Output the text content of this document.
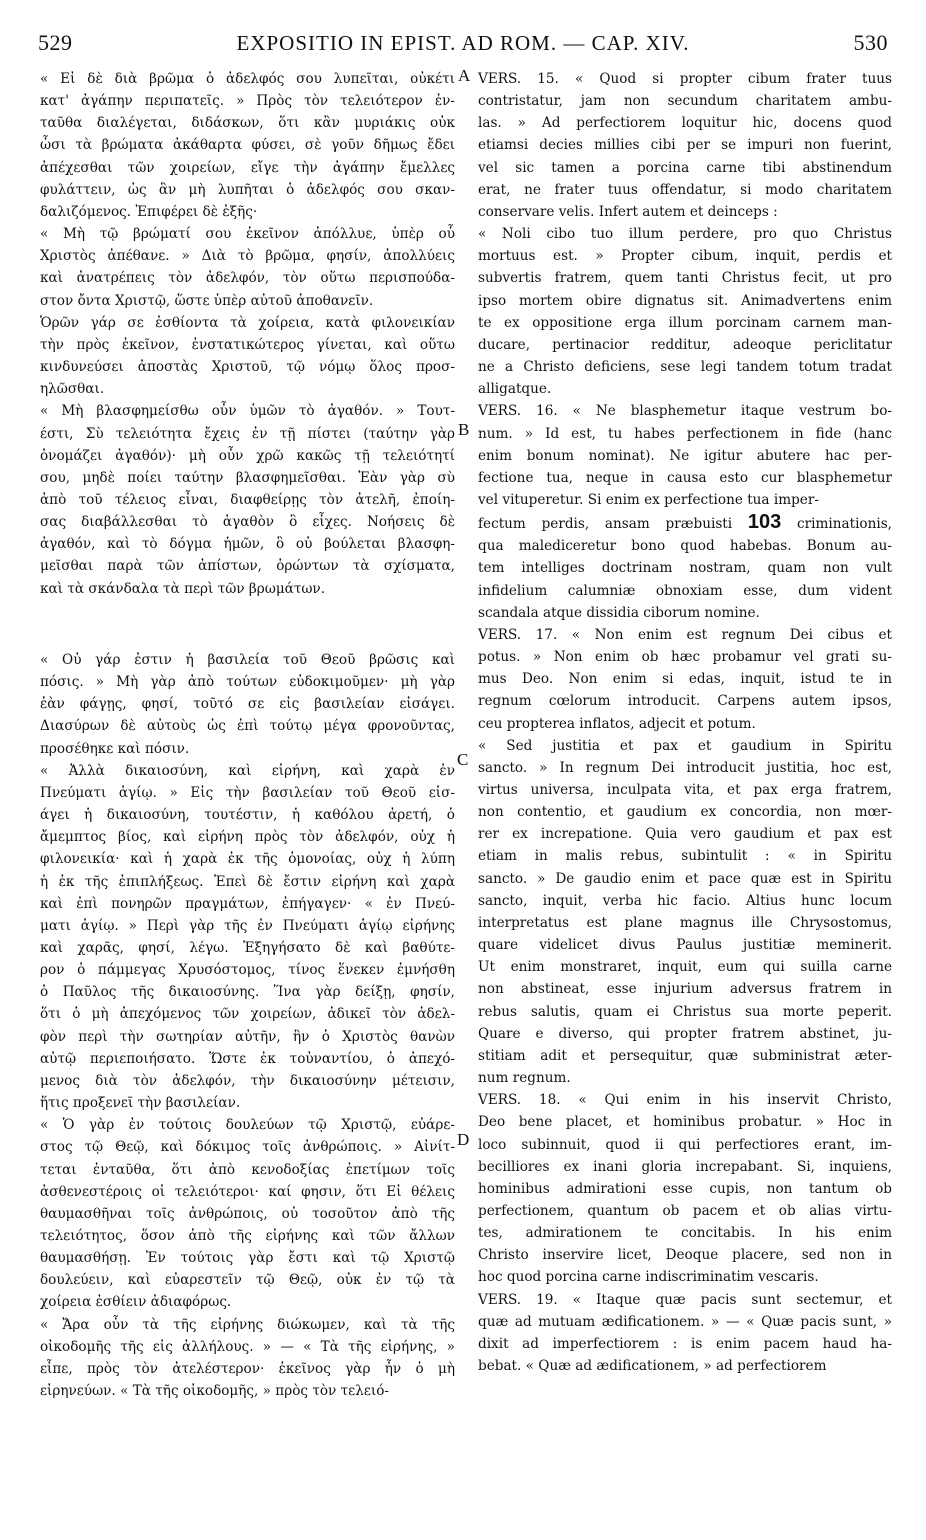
529	EXPOSITIO IN EPIST. AD ROM. — CAP. XIV.	530
A
B
C
D

« Εἰ δὲ διὰ βρῶμα ὁ ἀδελφός σου λυπεῖται, οὐκέτι

κατ' ἀγάπην περιπατεῖς. » Πρὸς τὸν τελειότερον ἐν-

ταῦθα διαλέγεται, διδάσκων, ὅτι κἂν μυριάκις οὐκ

ὦσι τὰ βρώματα ἀκάθαρτα φύσει, σὲ γοῦν δῆμως ἔδει

ἀπέχεσθαι τῶν χοιρείων, εἴγε τὴν ἀγάπην ἔμελλες

φυλάττειν, ὡς ἂν μὴ λυπῆται ὁ ἀδελφός σου σκαν-

δαλιζόμενος. Ἐπιφέρει δὲ ἑξῆς·

« Μὴ τῷ βρώματί σου ἐκεῖνον ἀπόλλυε, ὑπὲρ οὗ

Χριστὸς ἀπέθανε. » Διὰ τὸ βρῶμα, φησίν, ἀπολλύεις

καὶ ἀνατρέπεις τὸν ἀδελφόν, τὸν οὕτω περισπούδα-

στον ὄντα Χριστῷ, ὥστε ὑπὲρ αὐτοῦ ἀποθανεῖν.

Ὁρῶν γάρ σε ἐσθίοντα τὰ χοίρεια, κατὰ φιλονεικίαν

τὴν πρὸς ἐκεῖνον, ἐνστατικώτερος γίνεται, καὶ οὕτω

κινδυνεύσει ἀποστὰς Χριστοῦ, τῷ νόμῳ ὅλος προσ-

ηλῶσθαι.

« Μὴ βλασφημείσθω οὖν ὑμῶν τὸ ἀγαθόν. » Τουτ-

έστι, Σὺ τελειότητα ἔχεις ἐν τῇ πίστει (ταύτην γὰρ

ὀνομάζει ἀγαθόν)· μὴ οὖν χρῶ κακῶς τῇ τελειότητί

σου, μηδὲ ποίει ταύτην βλασφημεῖσθαι. Ἐὰν γὰρ σὺ

ἀπὸ τοῦ τέλειος εἶναι, διαφθείρῃς τὸν ἀτελῆ, ἐποίη-

σας διαβάλλεσθαι τὸ ἀγαθὸν ὃ εἶχες. Νοήσεις δὲ

ἀγαθόν, καὶ τὸ δόγμα ἡμῶν, ὃ οὐ βούλεται βλασφη-

μεῖσθαι παρὰ τῶν ἀπίστων, ὁρώντων τὰ σχίσματα,

καὶ τὰ σκάνδαλα τὰ περὶ τῶν βρωμάτων.

« Οὐ γάρ ἐστιν ἡ βασιλεία τοῦ Θεοῦ βρῶσις καὶ

πόσις. » Μὴ γὰρ ἀπὸ τούτων εὐδοκιμοῦμεν· μὴ γὰρ

ἐὰν φάγῃς, φησί, τοῦτό σε εἰς βασιλείαν εἰσάγει.

Διασύρων δὲ αὐτοὺς ὡς ἐπὶ τούτῳ μέγα φρονοῦντας,

προσέθηκε καὶ πόσιν.

« Ἀλλὰ δικαιοσύνη, καὶ εἰρήνη, καὶ χαρὰ ἐν

Πνεύματι ἁγίῳ. » Εἰς τὴν βασιλείαν τοῦ Θεοῦ εἰσ-

άγει ἡ δικαιοσύνη, τουτέστιν, ἡ καθόλου ἀρετή, ὁ

ἄμεμπτος βίος, καὶ εἰρήνη πρὸς τὸν ἀδελφόν, οὐχ ἡ

φιλονεικία· καὶ ἡ χαρὰ ἐκ τῆς ὁμονοίας, οὐχ ἡ λύπη

ἡ ἐκ τῆς ἐπιπλήξεως. Ἐπεὶ δὲ ἔστιν εἰρήνη καὶ χαρὰ

καὶ ἐπὶ πονηρῶν πραγμάτων, ἐπήγαγεν· « ἐν Πνεύ-

ματι ἁγίῳ. » Περὶ γὰρ τῆς ἐν Πνεύματι ἁγίῳ εἰρήνης

καὶ χαρᾶς, φησί, λέγω. Ἐξηγήσατο δὲ καὶ βαθύτε-

ρον ὁ πάμμεγας Χρυσόστομος, τίνος ἕνεκεν ἐμνήσθη

ὁ Παῦλος τῆς δικαιοσύνης. Ἵνα γὰρ δείξῃ, φησίν,

ὅτι ὁ μὴ ἀπεχόμενος τῶν χοιρείων, ἀδικεῖ τὸν ἀδελ-

φὸν περὶ τὴν σωτηρίαν αὐτῆν, ἣν ὁ Χριστὸς θανὼν

αὐτῷ περιεποιήσατο. Ὥστε ἐκ τοὐναντίου, ὁ ἀπεχό-

μενος διὰ τὸν ἀδελφόν, τὴν δικαιοσύνην μέτεισιν,

ἥτις προξενεῖ τὴν βασιλείαν.

« Ὁ γὰρ ἐν τούτοις δουλεύων τῷ Χριστῷ, εὐάρε-

στος τῷ Θεῷ, καὶ δόκιμος τοῖς ἀνθρώποις. » Αἰνίτ-

τεται ἐνταῦθα, ὅτι ἀπὸ κενοδοξίας ἐπετίμων τοῖς

ἀσθενεστέροις οἱ τελειότεροι· καί φησιν, ὅτι Εἰ θέλεις

θαυμασθῆναι τοῖς ἀνθρώποις, οὐ τοσοῦτον ἀπὸ τῆς

τελειότητος, ὅσον ἀπὸ τῆς εἰρήνης καὶ τῶν ἄλλων

θαυμασθήσῃ. Ἐν τούτοις γὰρ ἔστι καὶ τῷ Χριστῷ

δουλεύειν, καὶ εὐαρεστεῖν τῷ Θεῷ, οὐκ ἐν τῷ τὰ

χοίρεια ἐσθίειν ἀδιαφόρως.

« Ἄρα οὖν τὰ τῆς εἰρήνης διώκωμεν, καὶ τὰ τῆς

οἰκοδομῆς τῆς εἰς ἀλλήλους. » — « Τὰ τῆς εἰρήνης, »

εἶπε, πρὸς τὸν ἀτελέστερον· ἐκεῖνος γὰρ ἦν ὁ μὴ

εἰρηνεύων. « Τὰ τῆς οἰκοδομῆς, » πρὸς τὸν τελειό-

VERS. 15. « Quod si propter cibum frater tuus

contristatur, jam non secundum charitatem ambu-

las. » Ad perfectiorem loquitur hic, docens quod

etiamsi decies millies cibi per se impuri non fuerint,

vel sic tamen a porcina carne tibi abstinendum

erat, ne frater tuus offendatur, si modo charitatem

conservare velis. Infert autem et deinceps :

« Noli cibo tuo illum perdere, pro quo Christus

mortuus est. » Propter cibum, inquit, perdis et

subvertis fratrem, quem tanti Christus fecit, ut pro

ipso mortem obire dignatus sit. Animadvertens enim

te ex oppositione erga illum porcinam carnem man-

ducare, pertinacior redditur, adeoque periclitatur

ne a Christo deficiens, sese legi tandem totum tradat

alligatque.

VERS. 16. « Ne blasphemetur itaque vestrum bo-

num. » Id est, tu habes perfectionem in fide (hanc

enim bonum nominat). Ne igitur abutere hac per-

fectione tua, neque in causa esto cur blasphemetur

vel vituperetur. Si enim ex perfectione tua imper-

fectum perdis, ansam præbuisti 103 criminationis,

qua malediceretur bono quod habebas. Bonum au-

tem intelliges doctrinam nostram, quam non vult

infidelium calumniæ obnoxiam esse, dum vident

scandala atque dissidia ciborum nomine.

VERS. 17. « Non enim est regnum Dei cibus et

potus. » Non enim ob hæc probamur vel grati su-

mus Deo. Non enim si edas, inquit, istud te in

regnum cœlorum introducit. Carpens autem ipsos,

ceu propterea inflatos, adjecit et potum.

« Sed justitia et pax et gaudium in Spiritu

sancto. » In regnum Dei introducit justitia, hoc est,

virtus universa, inculpata vita, et pax erga fratrem,

non contentio, et gaudium ex concordia, non mœr-

rer ex increpatione. Quia vero gaudium et pax est

etiam in malis rebus, subintulit : « in Spiritu

sancto. » De gaudio enim et pace quæ est in Spiritu

sancto, inquit, verba hic facio. Altius hunc locum

interpretatus est plane magnus ille Chrysostomus,

quare videlicet divus Paulus justitiæ meminerit.

Ut enim monstraret, inquit, eum qui suilla carne

non abstineat, esse injurium adversus fratrem in

rebus salutis, quam ei Christus sua morte peperit.

Quare e diverso, qui propter fratrem abstinet, ju-

stitiam adit et persequitur, quæ subministrat æter-

num regnum.

VERS. 18. « Qui enim in his inservit Christo,

Deo bene placet, et hominibus probatur. » Hoc in

loco subinnuit, quod ii qui perfectiores erant, im-

becilliores ex inani gloria increpabant. Si, inquiens,

hominibus admirationi esse cupis, non tantum ob

perfectionem, quantum ob pacem et ob alias virtu-

tes, admirationem te concitabis. In his enim

Christo inservire licet, Deoque placere, sed non in

hoc quod porcina carne indiscriminatim vescaris.

VERS. 19. « Itaque quæ pacis sunt sectemur, et

quæ ad mutuam ædificationem. » — « Quæ pacis sunt, »

dixit ad imperfectiorem : is enim pacem haud ha-

bebat. « Quæ ad ædificationem, » ad perfectiorem
